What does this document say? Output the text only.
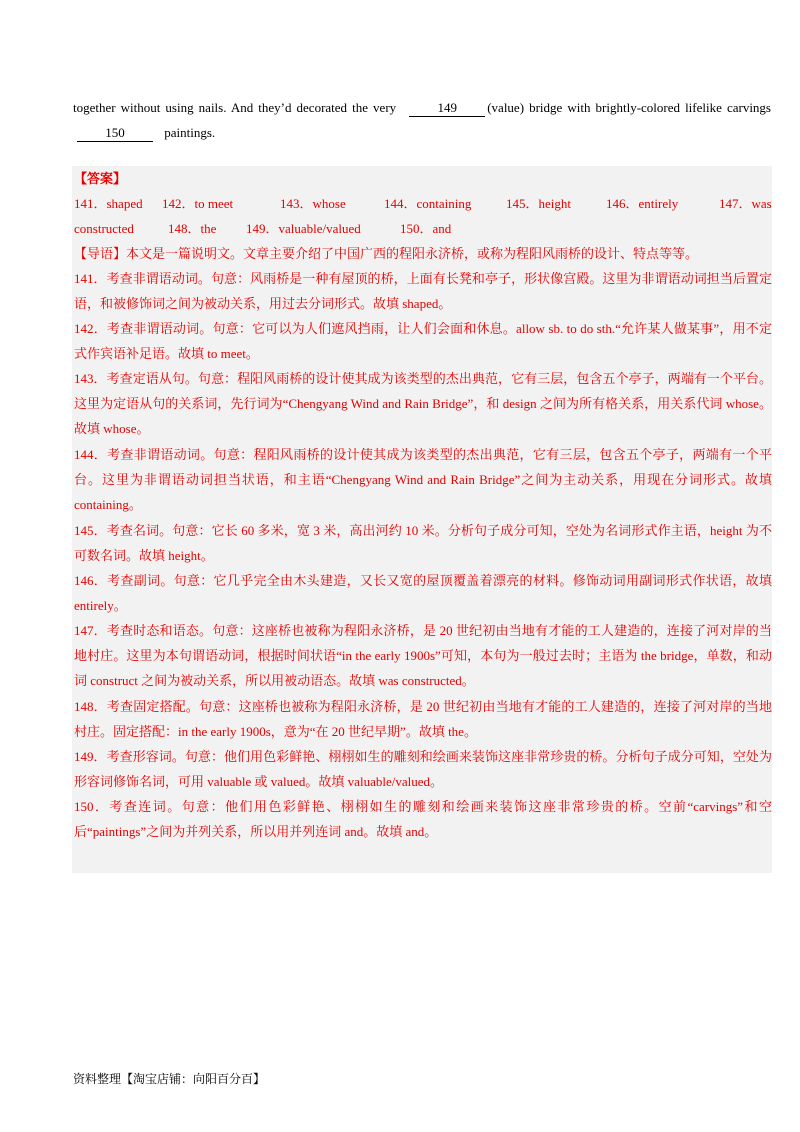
together without using nails. And they’d decorated the very	149 (value) bridge with brightly-colored lifelike carvings 150	paintings.
【答案】
141．shaped 142．to meet	143．whose	144．containing	145．height	146．entirely	147．was
constructed	148．the 149．valuable/valued	150．and
【导语】本文是一篇说明文。文章主要介绍了中国广西的程阳永济桥，或称为程阳风雨桥的设计、特点等等。
141．考查非谓语动词。句意：风雨桥是一种有屋顶的桥，上面有长凳和亭子，形状像宫殿。这里为非谓语动词担当后置定语，和被修饰词之间为被动关系，用过去分词形式。故填 shaped。
142．考查非谓语动词。句意：它可以为人们遮风挡雨，让人们会面和休息。allow sb. to do sth.“允许某人做某事”，用不定式作宾语补足语。故填 to meet。
143．考查定语从句。句意：程阳风雨桥的设计使其成为该类型的杰出典范，它有三层，包含五个亭子，两端有一个平台。这里为定语从句的关系词，先行词为“Chengyang Wind and Rain Bridge”，和 design 之间为所有格关系，用关系代词 whose。故填 whose。
144．考查非谓语动词。句意：程阳风雨桥的设计使其成为该类型的杰出典范，它有三层，包含五个亭子，两端有一个平台。这里为非谓语动词担当状语，和主语“Chengyang Wind and Rain Bridge”之间为主动关系，用现在分词形式。故填 containing。
145．考查名词。句意：它长 60 多米，宽 3 米，高出河约 10 米。分析句子成分可知，空处为名词形式作主语，height 为不可数名词。故填 height。
146．考查副词。句意：它几乎完全由木头建造，又长又宽的屋顶覆盖着漂亮的材料。修饰动词用副词形式作状语，故填 entirely。
147．考查时态和语态。句意：这座桥也被称为程阳永济桥，是 20 世纪初由当地有才能的工人建造的，连接了河对岸的当地村庄。这里为本句谓语动词，根据时间状语“in the early 1900s”可知，本句为一般过去时；主语为 the bridge，单数，和动词 construct 之间为被动关系，所以用被动语态。故填 was constructed。
148．考查固定搭配。句意：这座桥也被称为程阳永济桥，是 20 世纪初由当地有才能的工人建造的，连接了河对岸的当地村庄。固定搭配：in the early 1900s，意为“在 20 世纪早期”。故填 the。
149．考查形容词。句意：他们用色彩鲜艳、栩栩如生的雕刻和绘画来装饰这座非常珍贵的桥。分析句子成分可知，空处为形容词修饰名词，可用 valuable 或 valued。故填 valuable/valued。
150．考查连词。句意：他们用色彩鲜艳、栩栩如生的雕刻和绘画来装饰这座非常珍贵的桥。空前“carvings”和空后“paintings”之间为并列关系，所以用并列连词 and。故填 and。
资料整理【淘宝店铺：向阳百分百】
